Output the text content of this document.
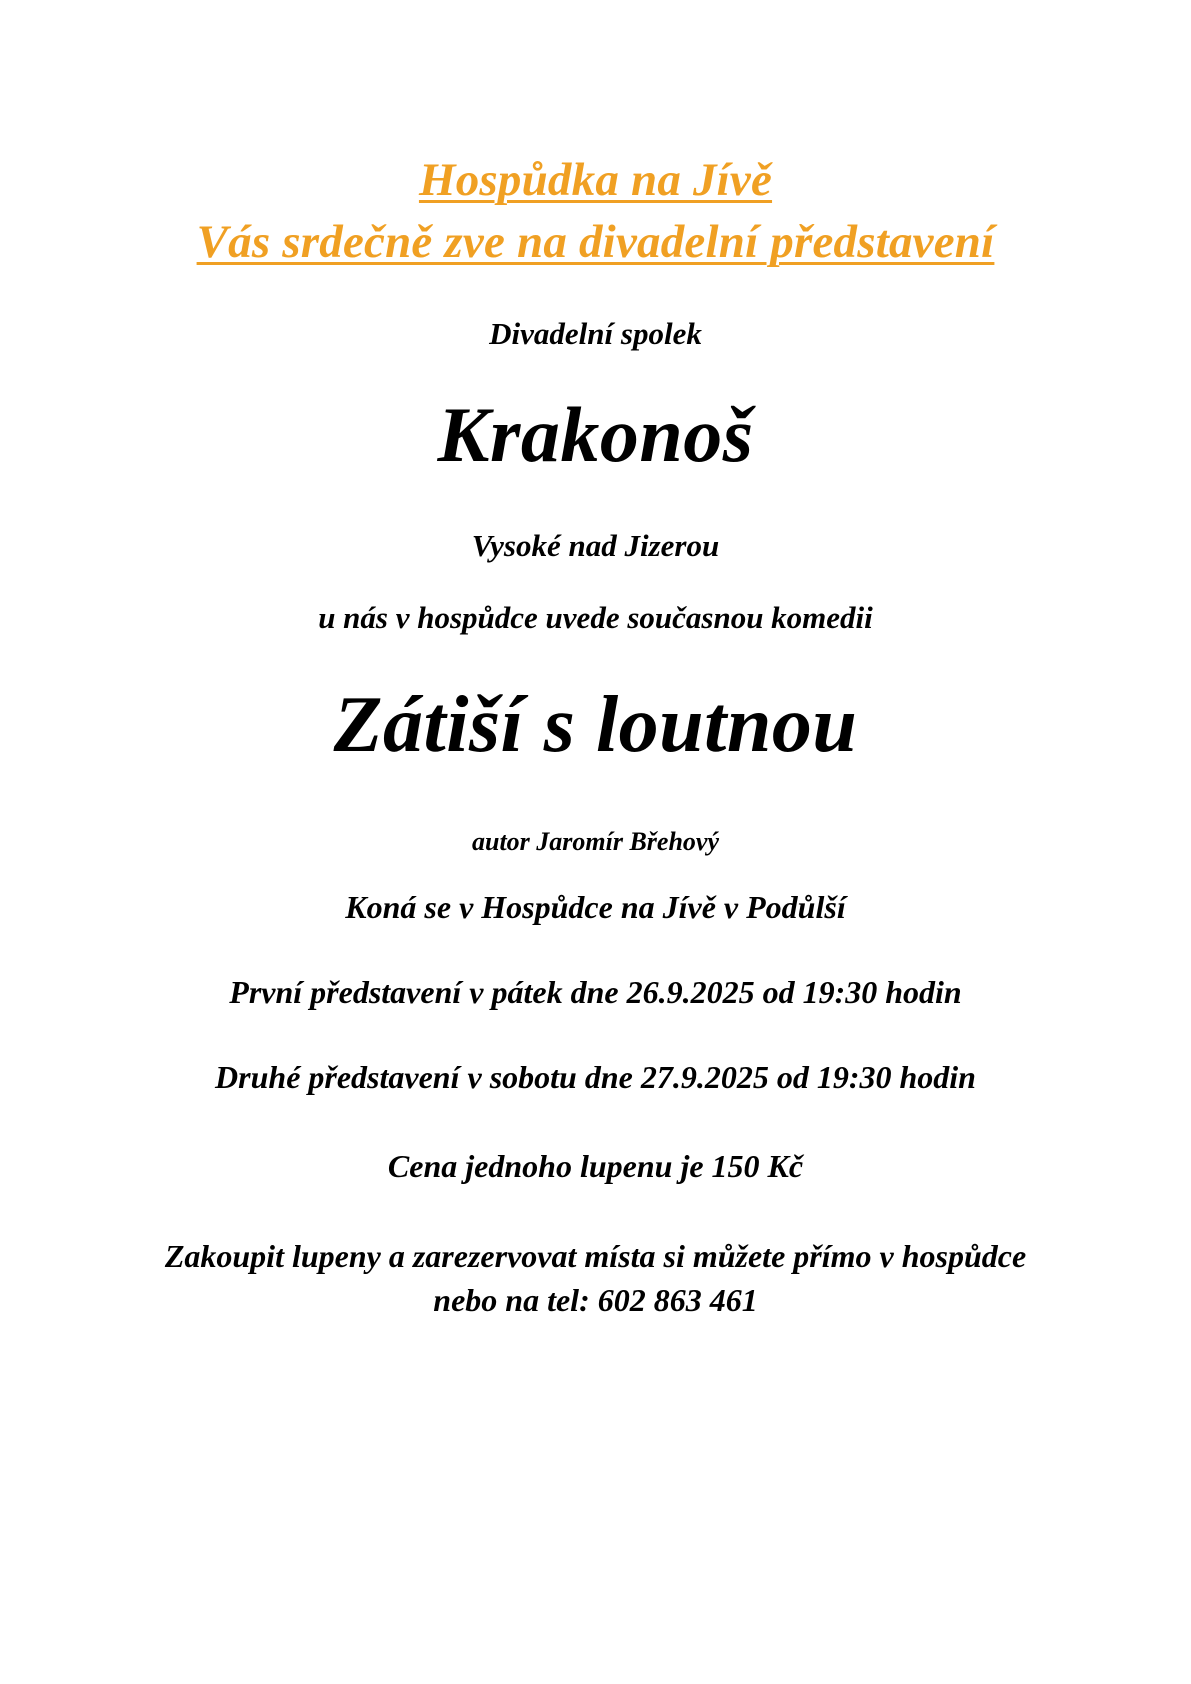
Hospůdka na Jívě
Vás srdečně zve na divadelní představení
Divadelní spolek
Krakonoš
Vysoké nad Jizerou
u nás v hospůdce uvede současnou komedii
Zátiší s loutnou
autor Jaromír Břehový
Koná se v Hospůdce na Jívě v Podůlší
První představení v pátek dne 26.9.2025 od 19:30 hodin
Druhé představení v sobotu dne 27.9.2025 od 19:30 hodin
Cena jednoho lupenu je 150 Kč
Zakoupit lupeny a zarezervovat místa si můžete přímo v hospůdce
nebo na tel: 602 863 461
